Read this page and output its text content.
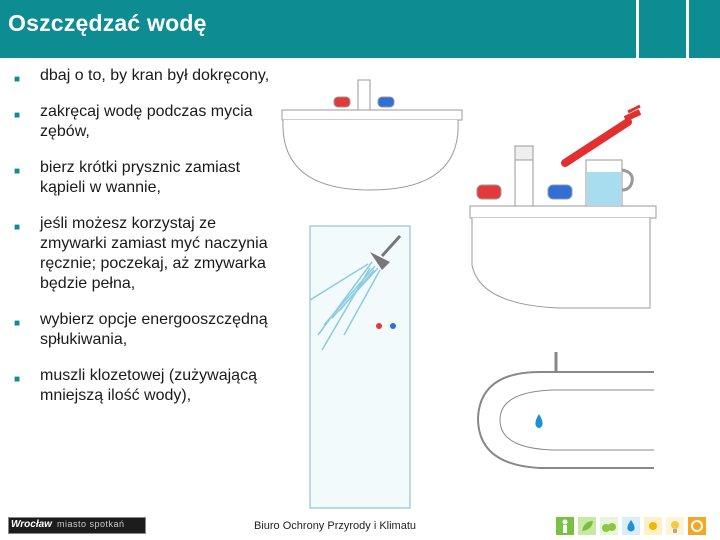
Oszczędzać wodę
■ dbaj o to, by kran był dokręcony,
■ zakręcaj wodę podczas mycia zębów,
■ bierz krótki prysznic zamiast kąpieli w wannie,
■ jeśli możesz korzystaj ze zmywarki zamiast myć naczynia ręcznie; poczekaj, aż zmywarka będzie pełna,
■ wybierz opcje energooszczędną spłukiwania,
■ muszli klozetowej (zużywającą mniejszą ilość wody),
Wrocław miasto spotkań	Biuro Ochrony Przyrody i Klimatu
